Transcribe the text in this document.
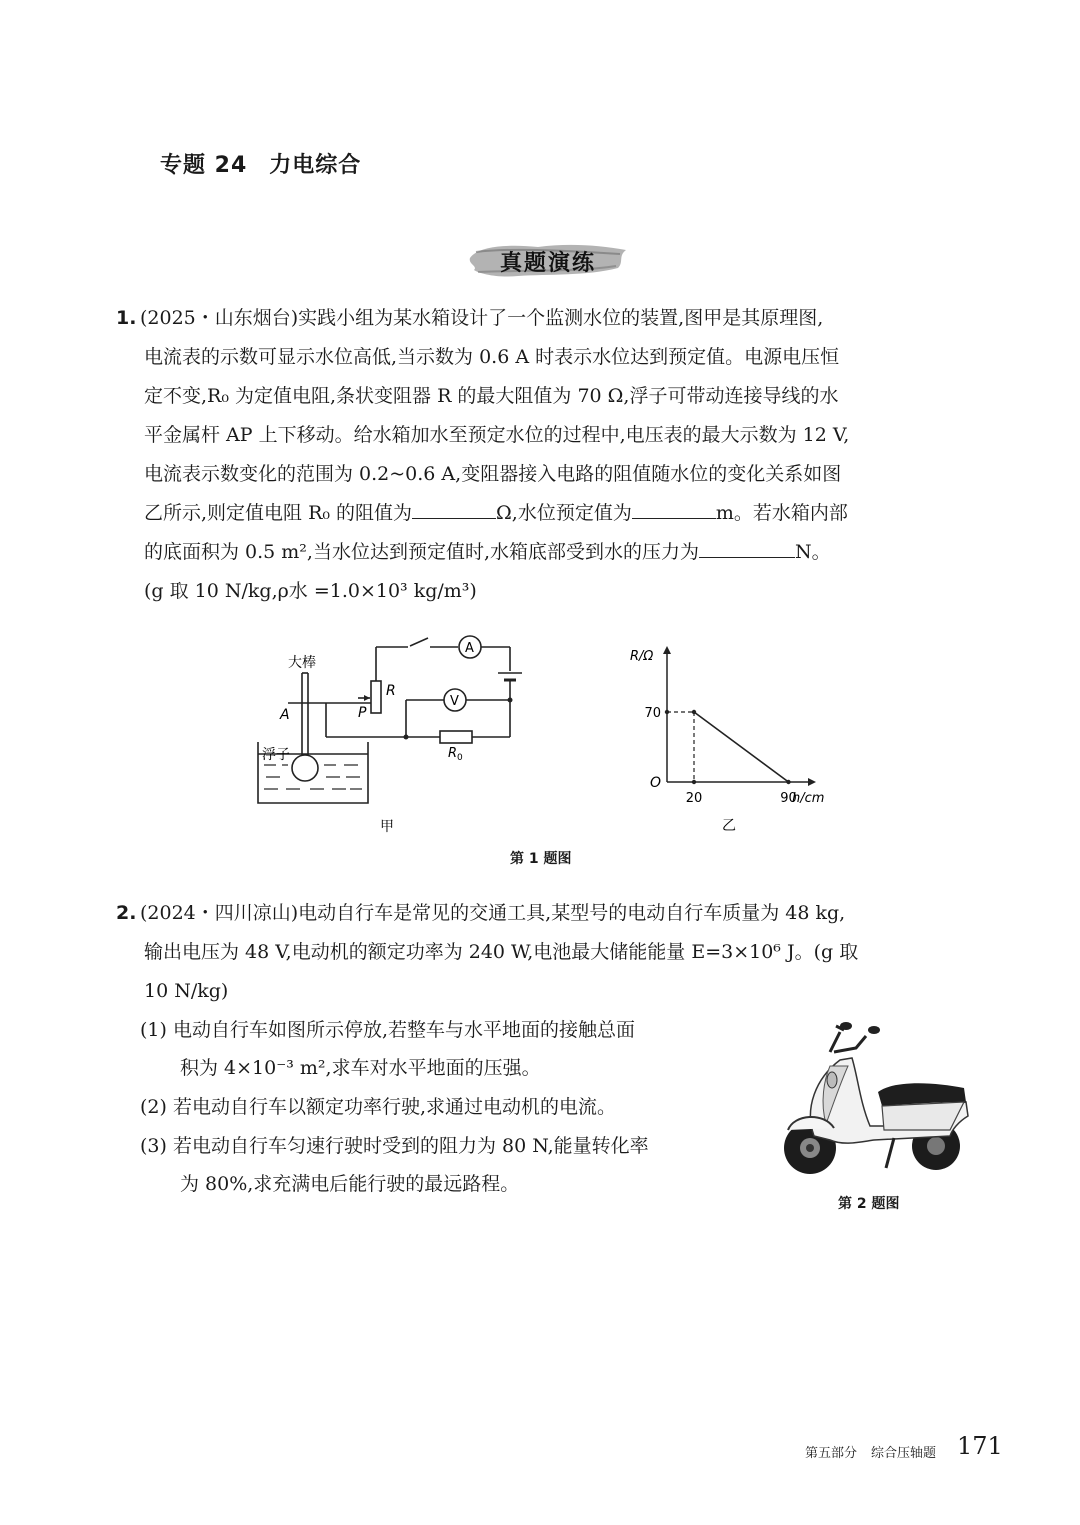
专题 24 力电综合
真题演练
1. (2025・山东烟台)实践小组为某水箱设计了一个监测水位的装置,图甲是其原理图,
电流表的示数可显示水位高低,当示数为 0.6 A 时表示水位达到预定值。电源电压恒
定不变,R₀ 为定值电阻,条状变阻器 R 的最大阻值为 70 Ω,浮子可带动连接导线的水
平金属杆 AP 上下移动。给水箱加水至预定水位的过程中,电压表的最大示数为 12 V,
电流表示数变化的范围为 0.2~0.6 A,变阻器接入电路的阻值随水位的变化关系如图
乙所示,则定值电阻 R₀ 的阻值为	Ω,水位预定值为	m。若水箱内部
的底面积为 0.5 m²,当水位达到预定值时,水箱底部受到水的压力为	N。
(g 取 10 N/kg,ρ水 =1.0×10³ kg/m³)
大棒
A	P
R
浮子	$R_0$
A
V
甲
R/Ω
h/cm
O
20	90
70
乙
第 1 题图
2. (2024・四川凉山)电动自行车是常见的交通工具,某型号的电动自行车质量为 48 kg,
输出电压为 48 V,电动机的额定功率为 240 W,电池最大储能能量 E=3×10⁶ J。(g 取
10 N/kg)
(1) 电动自行车如图所示停放,若整车与水平地面的接触总面
积为 4×10⁻³ m²,求车对水平地面的压强。
(2) 若电动自行车以额定功率行驶,求通过电动机的电流。
(3) 若电动自行车匀速行驶时受到的阻力为 80 N,能量转化率
为 80%,求充满电后能行驶的最远路程。
第 2 题图
第五部分 综合压轴题 171
